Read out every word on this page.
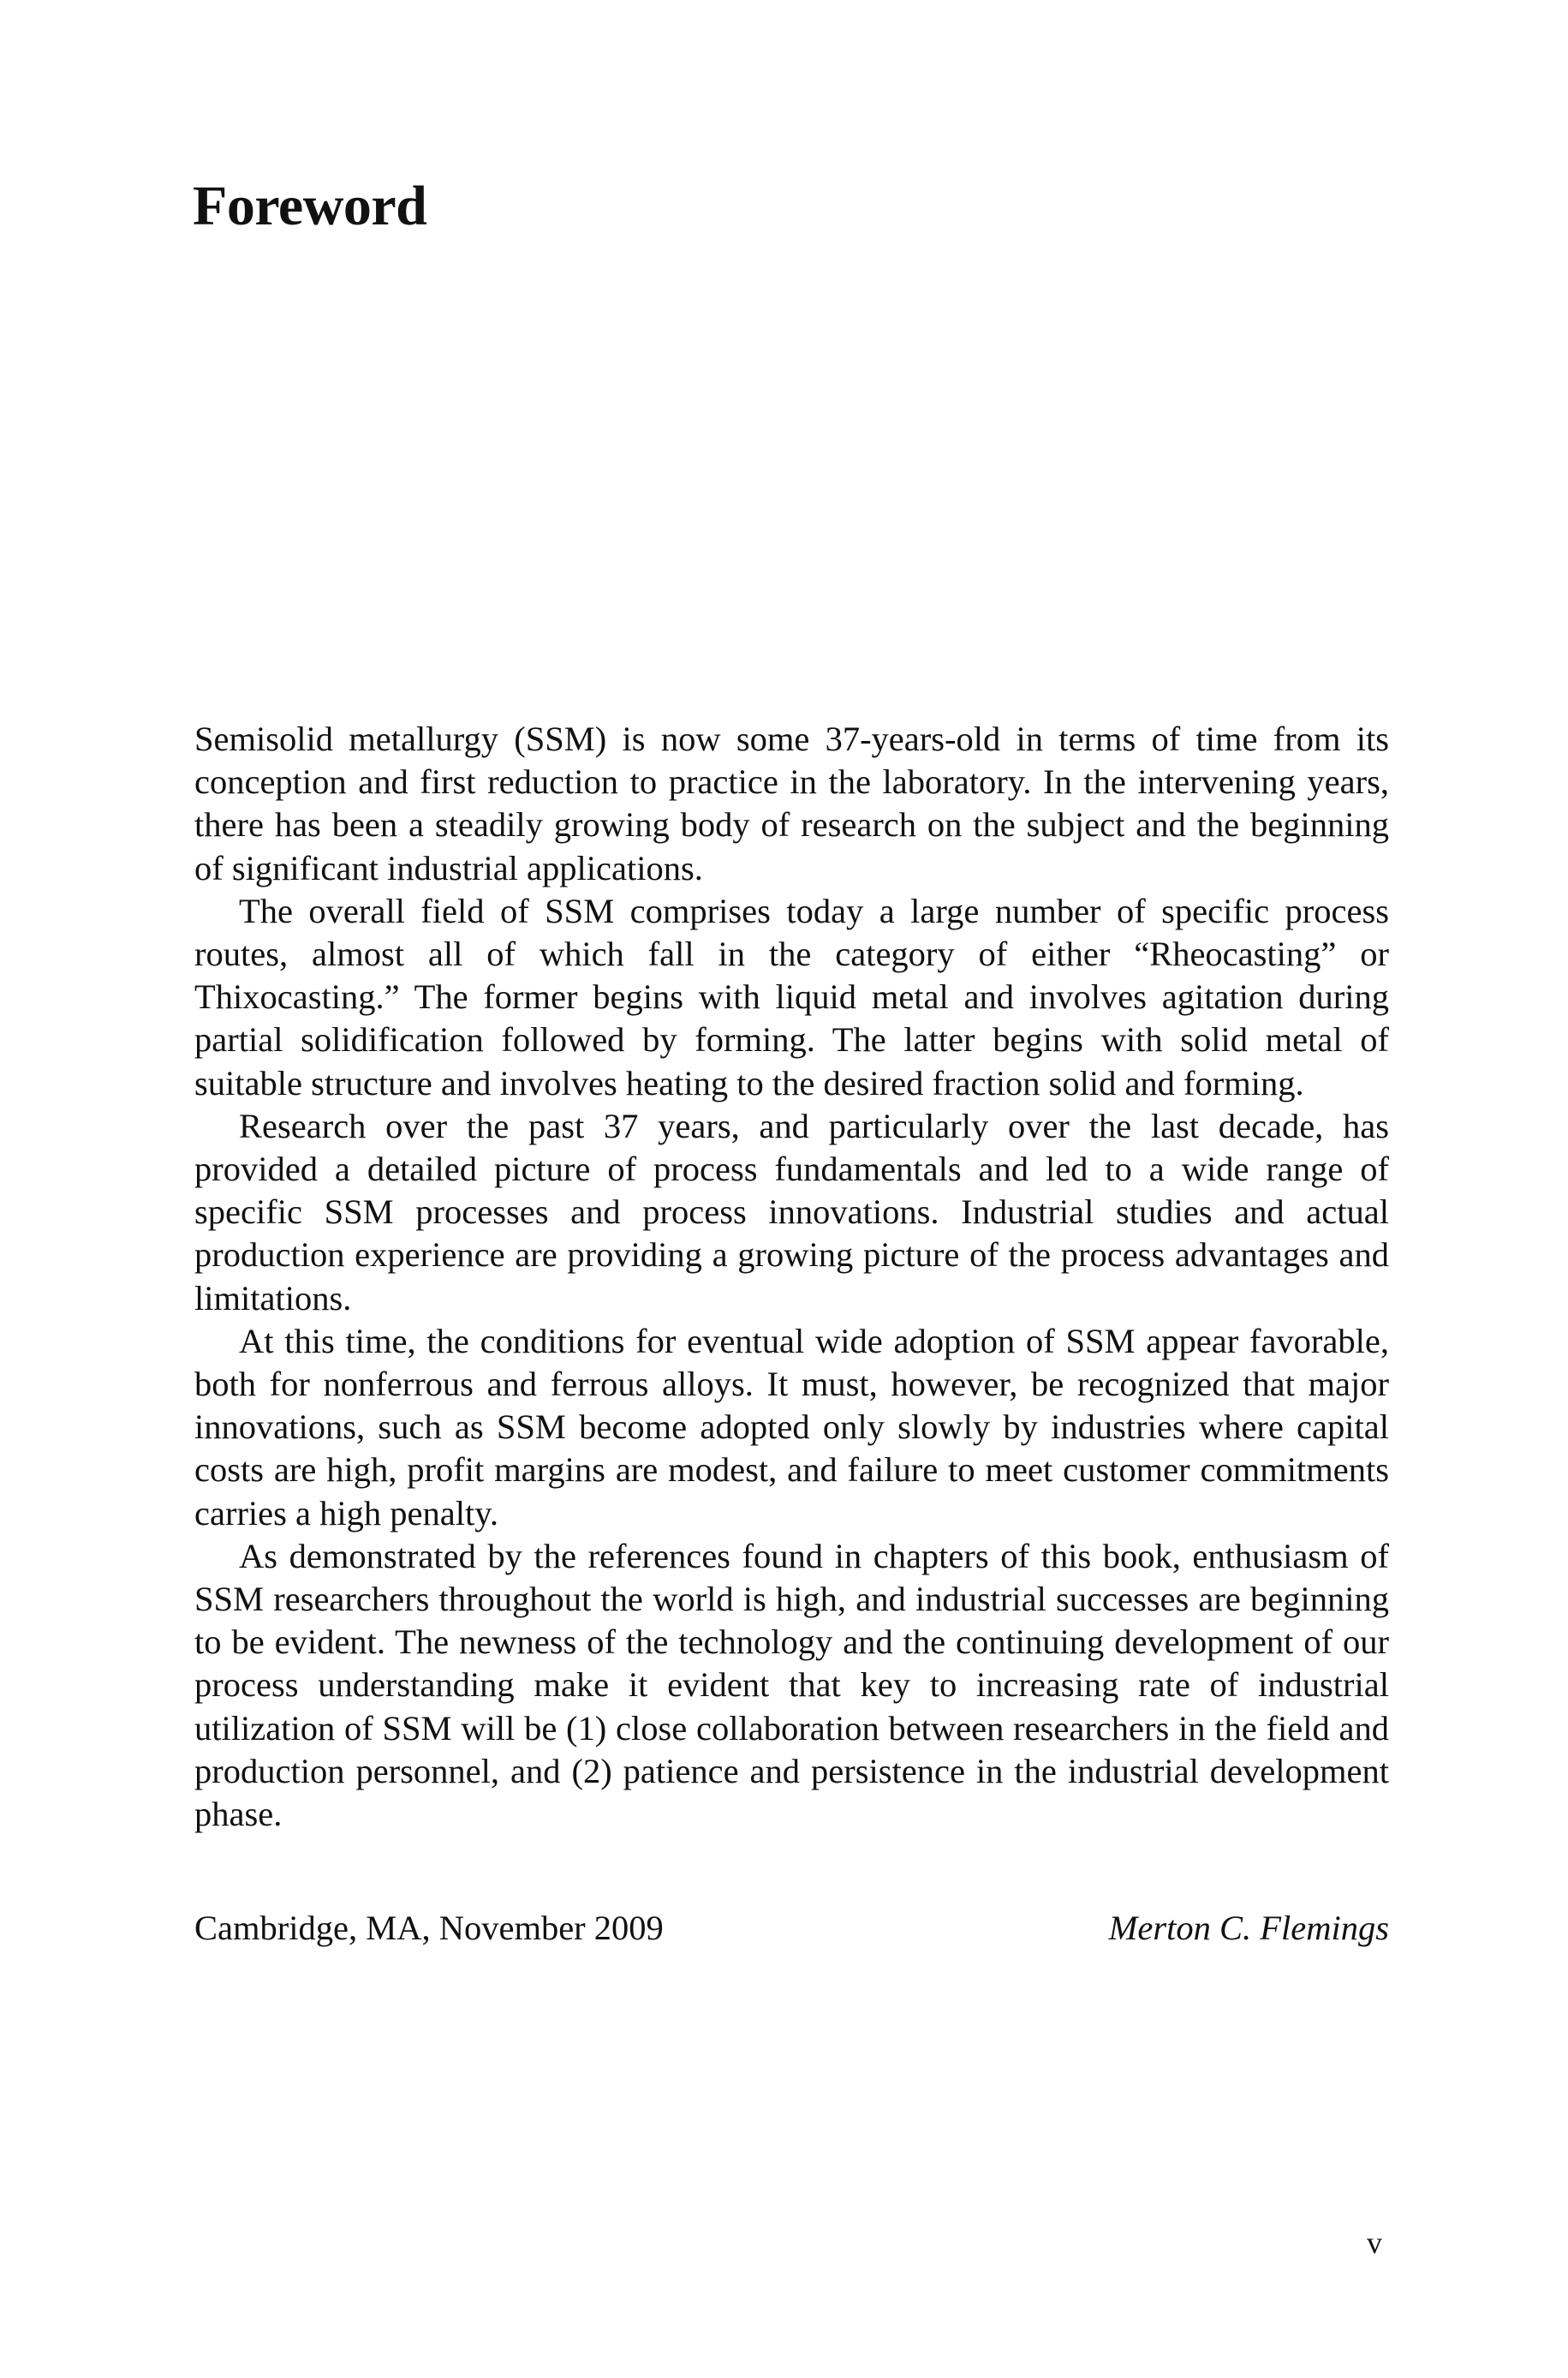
Foreword

Semisolid metallurgy (SSM) is now some 37-years-old in terms of time from its conception and first reduction to practice in the laboratory. In the intervening years, there has been a steadily growing body of research on the subject and the beginning of significant industrial applications.

The overall field of SSM comprises today a large number of specific process routes, almost all of which fall in the category of either “Rheocasting” or Thixocasting.” The former begins with liquid metal and involves agitation during partial solidification followed by forming. The latter begins with solid metal of suitable structure and involves heating to the desired fraction solid and forming.

Research over the past 37 years, and particularly over the last decade, has provided a detailed picture of process fundamentals and led to a wide range of specific SSM processes and process innovations. Industrial studies and actual production experience are providing a growing picture of the process advantages and limitations.

At this time, the conditions for eventual wide adoption of SSM appear favorable, both for nonferrous and ferrous alloys. It must, however, be recognized that major innovations, such as SSM become adopted only slowly by industries where capital costs are high, profit margins are modest, and failure to meet customer commitments carries a high penalty.

As demonstrated by the references found in chapters of this book, enthusiasm of SSM researchers throughout the world is high, and industrial successes are beginning to be evident. The newness of the technology and the continuing development of our process understanding make it evident that key to increasing rate of industrial utilization of SSM will be (1) close collaboration between researchers in the field and production personnel, and (2) patience and persistence in the industrial development phase.

Cambridge, MA, November 2009	Merton C. Flemings
v
